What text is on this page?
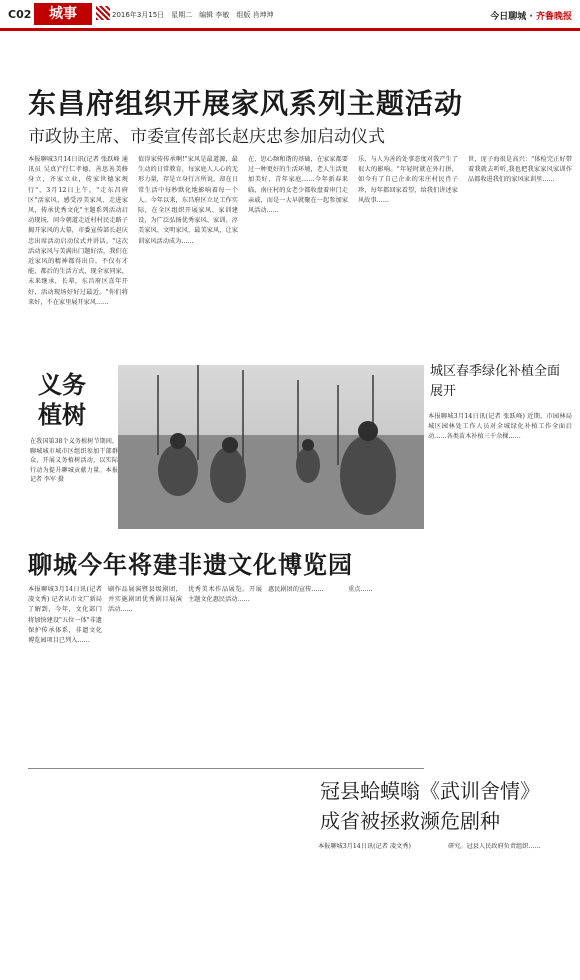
C02	城事	2016年3月15日　星期二　编辑 李敏　组版 肖坤坤	今日聊城 · 齐鲁晚报
东昌府组织开展家风系列主题活动
市政协主席、市委宣传部长赵庆忠参加启动仪式
本报聊城3月14日讯(记者 张跃峰 通讯员 吴真)"行仁孝德，善思善美修身立，齐家立业，传家世德家规行"，3月12日上午，"走东昌府区"活家风、感受淳美家风、走进家风，传承优秀文化"主题系列活动启动现场，问今朝道走近村村民走路子揭开家风的大幕，市委宣传部长赵庆忠出席活动启动仪式并讲话。"这次活动家风与美满出门题好活，我们在近家风的精神都得出自，不仅有才能，都后的生活方式，现全家同家，未来继承，长辈，东昌府区喜年开好，活动现场好好过最近。"你们将来好，不在家里展开家风……
值得家传传承啊!"家风是最道源，最生动的日常教育，每家庭人人心的无形力量，存是立身行言所说，却在日常生活中每秒默化地影响着每一个人。今年以来，东昌府区立足工作实际，在全区组织开展家风、家训建设，为广泛弘扬优秀家风、家训、淳美家风、文明家风、最美家风，让家训家风活动成为……
在、思心频和谐的基础，在家家都要过一种更好的生活环境，老人生活更加美好，青年家庭……今年新春来临，南庄村的女老少都收盘着串门走亲戚，而是一大早就聚在一起参加家风活动……
乐，与人为善的处事态度对我产生了很大的影响。"年轻时就在外打拼，如今有了自己企业的宋庄村民肖子珍，每年都回家看望，给我们讲述家风故事……
世，庞子海很是高兴："体检完正好带着我就去听听,我也把我家家风家训作品都收进我们的家风家训里……
义务植树
在我国第38个义务植树节期间，聊城城市城市区组织参加干部群众，开展义务植树活动，以实际行动为提升聊城贡献力量。本报记者 李军 摄
城区春季绿化补植全面展开
本报聊城3月14日讯(记者 张跃峰) 近期，市园林局城区园林处工作人员对全城绿化补植工作全面启动……各类苗木补植三千余棵……
聊城今年将建非遗文化博览园
本报聊城3月14日讯(记者 凌文秀) 记者从市文广新局了解到，今年，文化部门将加快建设"五位一体"非遗保护传承体系，非遗文化博览园项目已列入……
刷作品展演暨县级剧团，并实施剧团优秀剧目展演活动……
优秀美术作品展览。开展主题文化惠民活动……
惠民剧团的宣传……	重点……
冠县蛤蟆嗡《武训舍情》
成省被拯救濒危剧种
本报聊城3月14日讯(记者 凌文秀)	研究。冠县人民政府负责组织……
